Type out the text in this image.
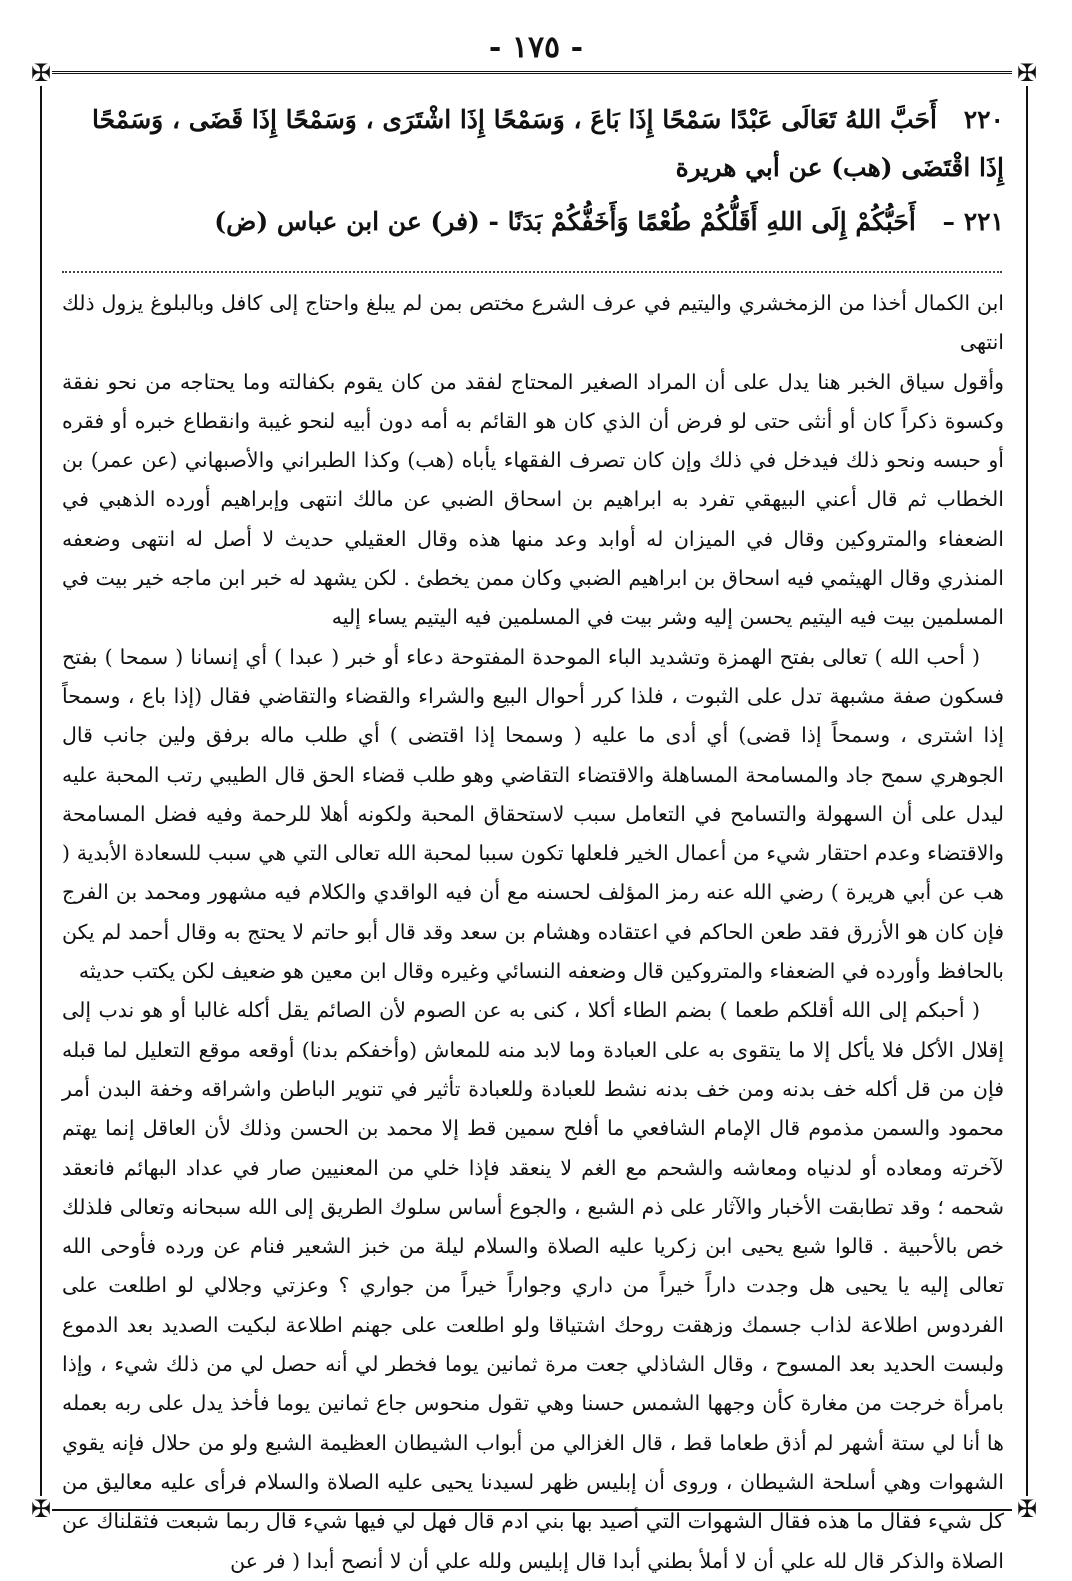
- ١٧٥ -
✠	✠
✠	✠

٢٢٠ أَحَبَّ اللهُ تَعَالَى عَبْدًا سَمْحًا إِذَا بَاعَ ، وَسَمْحًا إِذَا اشْتَرَى ، وَسَمْحًا إِذَا قَضَى ، وَسَمْحًا إِذَا اقْتَضَى (هب) عن أبي هريرة

٢٢١ – أَحَبُّكُمْ إِلَى اللهِ أَقَلُّكُمْ طُعْمًا وَأَخَفُّكُمْ بَدَنًا - (فر) عن ابن عباس (ض)

ابن الكمال أخذا من الزمخشري واليتيم في عرف الشرع مختص بمن لم يبلغ واحتاج إلى كافل وبالبلوغ يزول ذلك انتهى

وأقول سياق الخبر هنا يدل على أن المراد الصغير المحتاج لفقد من كان يقوم بكفالته وما يحتاجه من نحو نفقة وكسوة ذكراً كان أو أنثى حتى لو فرض أن الذي كان هو القائم به أمه دون أبيه لنحو غيبة وانقطاع خبره أو فقره أو حبسه ونحو ذلك فيدخل في ذلك وإن كان تصرف الفقهاء يأباه (هب) وكذا الطبراني والأصبهاني (عن عمر) بن الخطاب ثم قال أعني البيهقي تفرد به ابراهيم بن اسحاق الضبي عن مالك انتهى وإبراهيم أورده الذهبي في الضعفاء والمتروكين وقال في الميزان له أوابد وعد منها هذه وقال العقيلي حديث لا أصل له انتهى وضعفه المنذري وقال الهيثمي فيه اسحاق بن ابراهيم الضبي وكان ممن يخطئ . لكن يشهد له خبر ابن ماجه خير بيت في المسلمين بيت فيه اليتيم يحسن إليه وشر بيت في المسلمين فيه اليتيم يساء إليه

( أحب الله ) تعالى بفتح الهمزة وتشديد الباء الموحدة المفتوحة دعاء أو خبر ( عبدا ) أي إنسانا ( سمحا ) بفتح فسكون صفة مشبهة تدل على الثبوت ، فلذا كرر أحوال البيع والشراء والقضاء والتقاضي فقال (إذا باع ، وسمحاً إذا اشترى ، وسمحاً إذا قضى) أي أدى ما عليه ( وسمحا إذا اقتضى ) أي طلب ماله برفق ولين جانب قال الجوهري سمح جاد والمسامحة المساهلة والاقتضاء التقاضي وهو طلب قضاء الحق قال الطيبي رتب المحبة عليه ليدل على أن السهولة والتسامح في التعامل سبب لاستحقاق المحبة ولكونه أهلا للرحمة وفيه فضل المسامحة والاقتضاء وعدم احتقار شيء من أعمال الخير فلعلها تكون سببا لمحبة الله تعالى التي هي سبب للسعادة الأبدية ( هب عن أبي هريرة ) رضي الله عنه رمز المؤلف لحسنه مع أن فيه الواقدي والكلام فيه مشهور ومحمد بن الفرج فإن كان هو الأزرق فقد طعن الحاكم في اعتقاده وهشام بن سعد وقد قال أبو حاتم لا يحتج به وقال أحمد لم يكن بالحافظ وأورده في الضعفاء والمتروكين قال وضعفه النسائي وغيره وقال ابن معين هو ضعيف لكن يكتب حديثه

( أحبكم إلى الله أقلكم طعما ) بضم الطاء أكلا ، كنى به عن الصوم لأن الصائم يقل أكله غالبا أو هو ندب إلى إقلال الأكل فلا يأكل إلا ما يتقوى به على العبادة وما لابد منه للمعاش (وأخفكم بدنا) أوقعه موقع التعليل لما قبله فإن من قل أكله خف بدنه ومن خف بدنه نشط للعبادة وللعبادة تأثير في تنوير الباطن واشراقه وخفة البدن أمر محمود والسمن مذموم قال الإمام الشافعي ما أفلح سمين قط إلا محمد بن الحسن وذلك لأن العاقل إنما يهتم لآخرته ومعاده أو لدنياه ومعاشه والشحم مع الغم لا ينعقد فإذا خلي من المعنيين صار في عداد البهائم فانعقد شحمه ؛ وقد تطابقت الأخبار والآثار على ذم الشبع ، والجوع أساس سلوك الطريق إلى الله سبحانه وتعالى فلذلك خص بالأحبية . قالوا شبع يحيى ابن زكريا عليه الصلاة والسلام ليلة من خبز الشعير فنام عن ورده فأوحى الله تعالى إليه يا يحيى هل وجدت داراً خيراً من داري وجواراً خيراً من جواري ؟ وعزتي وجلالي لو اطلعت على الفردوس اطلاعة لذاب جسمك وزهقت روحك اشتياقا ولو اطلعت على جهنم اطلاعة لبكيت الصديد بعد الدموع ولبست الحديد بعد المسوح ، وقال الشاذلي جعت مرة ثمانين يوما فخطر لي أنه حصل لي من ذلك شيء ، وإذا بامرأة خرجت من مغارة كأن وجهها الشمس حسنا وهي تقول منحوس جاع ثمانين يوما فأخذ يدل على ربه بعمله ها أنا لي ستة أشهر لم أذق طعاما قط ، قال الغزالي من أبواب الشيطان العظيمة الشبع ولو من حلال فإنه يقوي الشهوات وهي أسلحة الشيطان ، وروى أن إبليس ظهر لسيدنا يحيى عليه الصلاة والسلام فرأى عليه معاليق من كل شيء فقال ما هذه فقال الشهوات التي أصيد بها بني آدم قال فهل لي فيها شيء قال ربما شبعت فثقلناك عن الصلاة والذكر قال لله علي أن لا أملأ بطني أبدا قال إبليس ولله علي أن لا أنصح أبدا ( فر عن
